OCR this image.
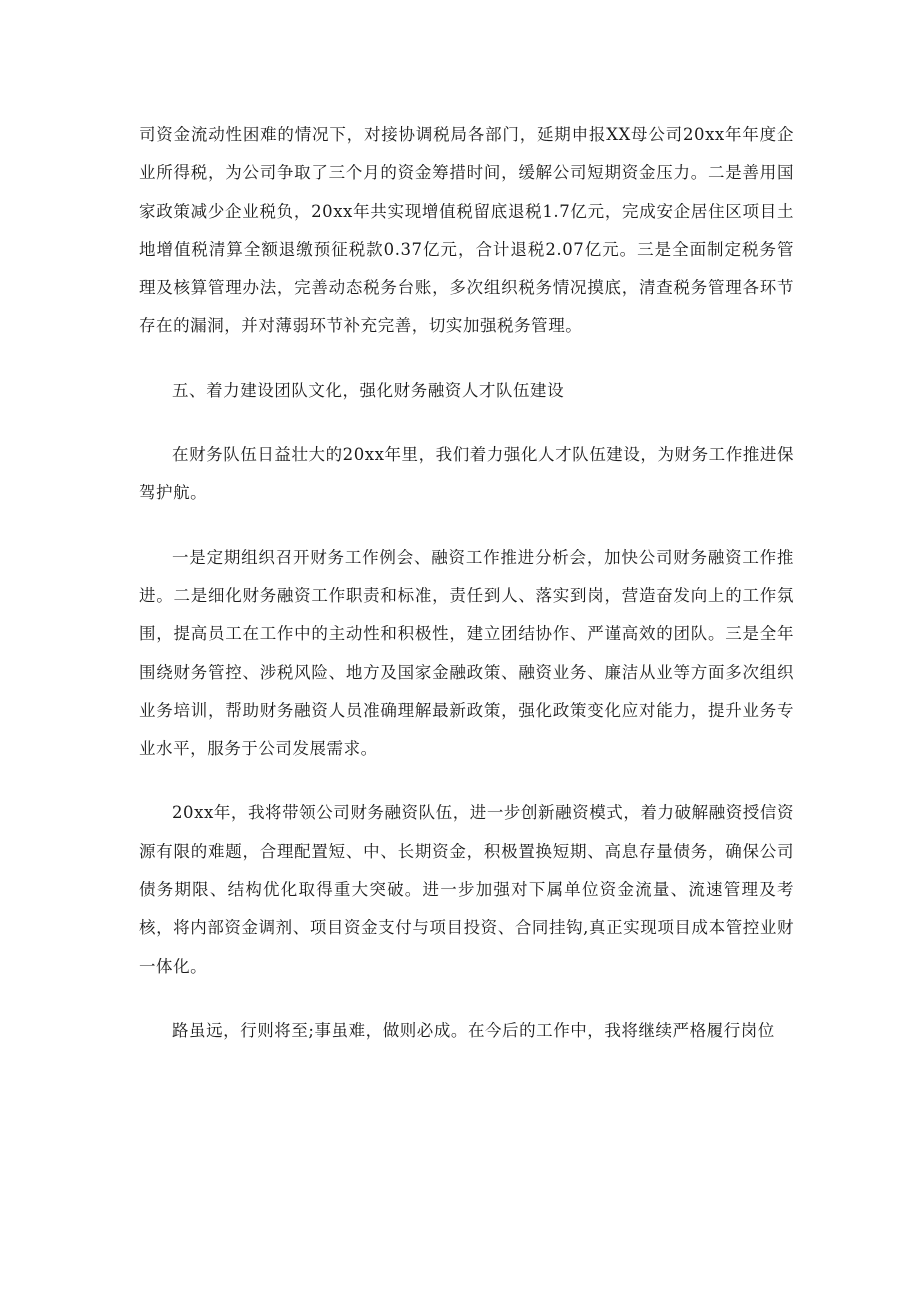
司资金流动性困难的情况下，对接协调税局各部门，延期申报XX母公司20xx年年度企业所得税，为公司争取了三个月的资金筹措时间，缓解公司短期资金压力。二是善用国家政策减少企业税负，20xx年共实现增值税留底退税1.7亿元，完成安企居住区项目土地增值税清算全额退缴预征税款0.37亿元，合计退税2.07亿元。三是全面制定税务管理及核算管理办法，完善动态税务台账，多次组织税务情况摸底，清查税务管理各环节存在的漏洞，并对薄弱环节补充完善，切实加强税务管理。

五、着力建设团队文化，强化财务融资人才队伍建设

在财务队伍日益壮大的20xx年里，我们着力强化人才队伍建设，为财务工作推进保驾护航。

一是定期组织召开财务工作例会、融资工作推进分析会，加快公司财务融资工作推进。二是细化财务融资工作职责和标准，责任到人、落实到岗，营造奋发向上的工作氛围，提高员工在工作中的主动性和积极性，建立团结协作、严谨高效的团队。三是全年围绕财务管控、涉税风险、地方及国家金融政策、融资业务、廉洁从业等方面多次组织业务培训，帮助财务融资人员准确理解最新政策，强化政策变化应对能力，提升业务专业水平，服务于公司发展需求。

20xx年，我将带领公司财务融资队伍，进一步创新融资模式，着力破解融资授信资源有限的难题，合理配置短、中、长期资金，积极置换短期、高息存量债务，确保公司债务期限、结构优化取得重大突破。进一步加强对下属单位资金流量、流速管理及考核，将内部资金调剂、项目资金支付与项目投资、合同挂钩,真正实现项目成本管控业财一体化。

路虽远，行则将至;事虽难，做则必成。在今后的工作中，我将继续严格履行岗位
